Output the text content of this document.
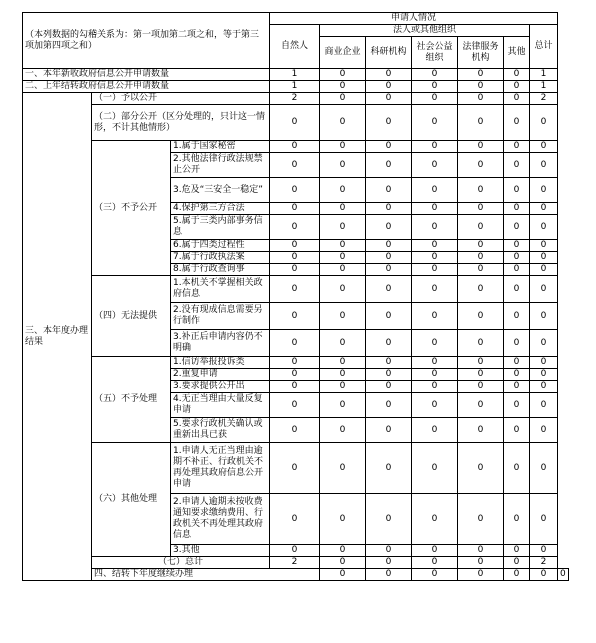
（本列数据的勾稽关系为：第一项加第二项之和，等于第三项加第四项之和）			申请人情况							
			自然人	法人或其他组织					总计	
				商业企业	科研机构	社会公益组织	法律服务机构	其他		
一、本年新收政府信息公开申请数量			1	0	0	0	0	0	1	
二、上年结转政府信息公开申请数量			1	0	0	0	0	0	1	
三、本年度办理结果	（一）予以公开		2	0	0	0	0	0	2	
	（二）部分公开（区分处理的，只计这一情形，不计其他情形）		0	0	0	0	0	0	0	
	（三）不予公开	1.属于国家秘密	0	0	0	0	0	0	0	
		2.其他法律行政法规禁止公开	0	0	0	0	0	0	0	
		3.危及“三安全一稳定”	0	0	0	0	0	0	0	
		4.保护第三方合法	0	0	0	0	0	0	0	
		5.属于三类内部事务信息	0	0	0	0	0	0	0	
		6.属于四类过程性	0	0	0	0	0	0	0	
		7.属于行政执法案	0	0	0	0	0	0	0	
		8.属于行政查询事	0	0	0	0	0	0	0	
	（四）无法提供	1.本机关不掌握相关政府信息	0	0	0	0	0	0	0	
		2.没有现成信息需要另行制作	0	0	0	0	0	0	0	
		3.补正后申请内容仍不明确	0	0	0	0	0	0	0	
	（五）不予处理	1.信访举报投诉类	0	0	0	0	0	0	0	
		2.重复申请	0	0	0	0	0	0	0	
		3.要求提供公开出	0	0	0	0	0	0	0	
		4.无正当理由大量反复申请	0	0	0	0	0	0	0	
		5.要求行政机关确认或重新出具已获	0	0	0	0	0	0	0	
	（六）其他处理	1.申请人无正当理由逾期不补正、行政机关不再处理其政府信息公开申请	0	0	0	0	0	0	0	
		2.申请人逾期未按收费通知要求缴纳费用、行政机关不再处理其政府信息	0	0	0	0	0	0	0	
		3.其他	0	0	0	0	0	0	0	
	（七）总计		2	0	0	0	0	0	2	
	四、结转下年度继续办理			0	0	0	0	0	0	0
